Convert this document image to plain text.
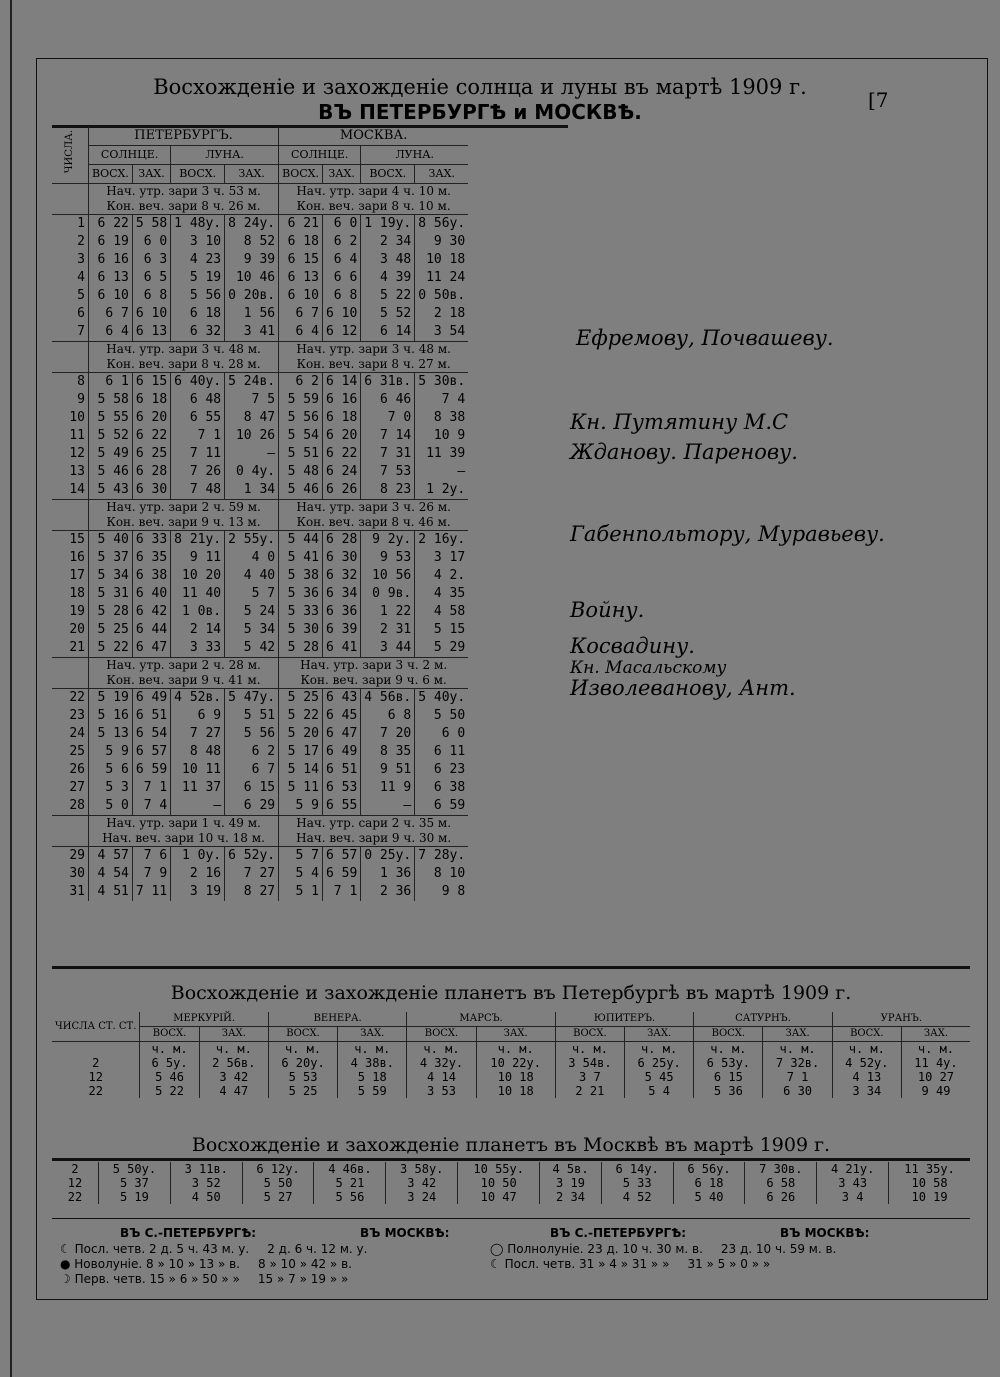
Восхожденіе и захожденіе солнца и луны въ мартѣ 1909 г.
ВЪ ПЕТЕРБУРГѢ и МОСКВѢ.	[7
ЧИСЛА.	ПЕТЕРБУРГЪ.				МОСКВА.			
	СОЛНЦЕ.		ЛУНА.		СОЛНЦЕ.		ЛУНА.	
	ВОСХ.	ЗАХ.	ВОСХ.	ЗАХ.	ВОСХ.	ЗАХ.	ВОСХ.	ЗАХ.
	Нач. утр. зари 3 ч. 53 м.				Нач. утр. зари 4 ч. 10 м.			
	Кон. веч. зари 8 ч. 26 м.				Кон. веч. зари 8 ч. 10 м.			
1	6 22	5 58	1 48у.	8 24у.	6 21	6 0	1 19у.	8 56у.
2	6 19	6 0	3 10	8 52	6 18	6 2	2 34	9 30
3	6 16	6 3	4 23	9 39	6 15	6 4	3 48	10 18
4	6 13	6 5	5 19	10 46	6 13	6 6	4 39	11 24
5	6 10	6 8	5 56	0 20в.	6 10	6 8	5 22	0 50в.
6	6 7	6 10	6 18	1 56	6 7	6 10	5 52	2 18
7	6 4	6 13	6 32	3 41	6 4	6 12	6 14	3 54
	Нач. утр. зари 3 ч. 48 м.				Нач. утр. зари 3 ч. 48 м.			
	Кон. веч. зари 8 ч. 28 м.				Кон. веч. зари 8 ч. 27 м.			
8	6 1	6 15	6 40у.	5 24в.	6 2	6 14	6 31в.	5 30в.
9	5 58	6 18	6 48	7 5	5 59	6 16	6 46	7 4
10	5 55	6 20	6 55	8 47	5 56	6 18	7 0	8 38
11	5 52	6 22	7 1	10 26	5 54	6 20	7 14	10 9
12	5 49	6 25	7 11	—	5 51	6 22	7 31	11 39
13	5 46	6 28	7 26	0 4у.	5 48	6 24	7 53	—
14	5 43	6 30	7 48	1 34	5 46	6 26	8 23	1 2у.
	Нач. утр. зари 2 ч. 59 м.				Нач. утр. зари 3 ч. 26 м.			
	Кон. веч. зари 9 ч. 13 м.				Кон. веч. зари 8 ч. 46 м.			
15	5 40	6 33	8 21у.	2 55у.	5 44	6 28	9 2у.	2 16у.
16	5 37	6 35	9 11	4 0	5 41	6 30	9 53	3 17
17	5 34	6 38	10 20	4 40	5 38	6 32	10 56	4 2.
18	5 31	6 40	11 40	5 7	5 36	6 34	0 9в.	4 35
19	5 28	6 42	1 0в.	5 24	5 33	6 36	1 22	4 58
20	5 25	6 44	2 14	5 34	5 30	6 39	2 31	5 15
21	5 22	6 47	3 33	5 42	5 28	6 41	3 44	5 29
	Нач. утр. зари 2 ч. 28 м.				Нач. утр. зари 3 ч. 2 м.			
	Кон. веч. зари 9 ч. 41 м.				Кон. веч. зари 9 ч. 6 м.			
22	5 19	6 49	4 52в.	5 47у.	5 25	6 43	4 56в.	5 40у.
23	5 16	6 51	6 9	5 51	5 22	6 45	6 8	5 50
24	5 13	6 54	7 27	5 56	5 20	6 47	7 20	6 0
25	5 9	6 57	8 48	6 2	5 17	6 49	8 35	6 11
26	5 6	6 59	10 11	6 7	5 14	6 51	9 51	6 23
27	5 3	7 1	11 37	6 15	5 11	6 53	11 9	6 38
28	5 0	7 4	—	6 29	5 9	6 55	—	6 59
	Нач. утр. зари 1 ч. 49 м.				Нач. утр. сари 2 ч. 35 м.			
	Нач. веч. зари 10 ч. 18 м.				Нач. веч. зари 9 ч. 30 м.			
29	4 57	7 6	1 0у.	6 52у.	5 7	6 57	0 25у.	7 28у.
30	4 54	7 9	2 16	7 27	5 4	6 59	1 36	8 10
31	4 51	7 11	3 19	8 27	5 1	7 1	2 36	9 8
Ефремову, Почвашеву.
Кн. Путятину М.С
Жданову. Паренову.
Габенпольтору, Муравьеву.
Войну.
Косвадину.
Кн. Масальскому
Изволеванову, Ант.
Восхожденіе и захожденіе планетъ въ Петербургѣ въ мартѣ 1909 г.
ЧИСЛА СТ. СТ.	МЕРКУРІЙ.		ВЕНЕРА.		МАРСЪ.		ЮПИТЕРЪ.		САТУРНЪ.		УРАНЪ.	
	ВОСХ.	ЗАХ.	ВОСХ.	ЗАХ.	ВОСХ.	ЗАХ.	ВОСХ.	ЗАХ.	ВОСХ.	ЗАХ.	ВОСХ.	ЗАХ.
	ч. м.	ч. м.	ч. м.	ч. м.	ч. м.	ч. м.	ч. м.	ч. м.	ч. м.	ч. м.	ч. м.	ч. м.
2	6 5у.	2 56в.	6 20у.	4 38в.	4 32у.	10 22у.	3 54в.	6 25у.	6 53у.	7 32в.	4 52у.	11 4у.
12	5 46	3 42	5 53	5 18	4 14	10 18	3 7	5 45	6 15	7 1	4 13	10 27
22	5 22	4 47	5 25	5 59	3 53	10 18	2 21	5 4	5 36	6 30	3 34	9 49
Восхожденіе и захожденіе планетъ въ Москвѣ въ мартѣ 1909 г.
2	5 50у.	3 11в.	6 12у.	4 46в.	3 58у.	10 55у.	4 5в.	6 14у.	6 56у.	7 30в.	4 21у.	11 35у.
12	5 37	3 52	5 50	5 21	3 42	10 50	3 19	5 33	6 18	6 58	3 43	10 58
22	5 19	4 50	5 27	5 56	3 24	10 47	2 34	4 52	5 40	6 26	3 4	10 19
ВЪ С.-ПЕТЕРБУРГѢ:	ВЪ МОСКВѢ:	ВЪ С.-ПЕТЕРБУРГѢ:	ВЪ МОСКВѢ:
☾ Посл. четв. 2 д. 5 ч. 43 м. у. 2 д. 6 ч. 12 м. у.
● Новолуніе. 8 » 10 » 13 » в. 8 » 10 » 42 » в.
☽ Перв. четв. 15 » 6 » 50 » » 15 » 7 » 19 » »
◯ Полнолуніе. 23 д. 10 ч. 30 м. в. 23 д. 10 ч. 59 м. в.
☾ Посл. четв. 31 » 4 » 31 » » 31 » 5 » 0 » »
